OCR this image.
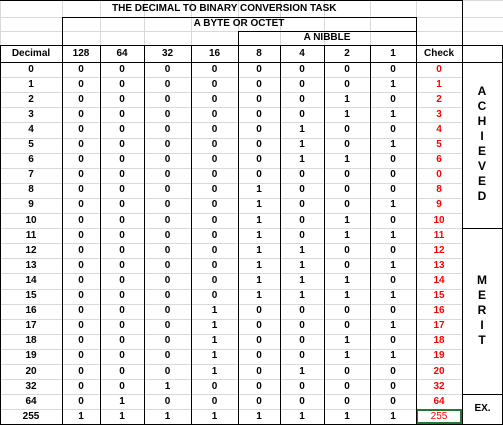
THE DECIMAL TO BINARY CONVERSION TASK
A BYTE OR OCTET
A NIBBLE
Decimal	128	64	32	16	8	4	2	1	Check
0	0	0	0	0	0	0	0	0	0
1	0	0	0	0	0	0	0	1	1
2	0	0	0	0	0	0	1	0	2
3	0	0	0	0	0	0	1	1	3
4	0	0	0	0	0	1	0	0	4
5	0	0	0	0	0	1	0	1	5
6	0	0	0	0	0	1	1	0	6
7	0	0	0	0	0	0	0	0	0
8	0	0	0	0	1	0	0	0	8
9	0	0	0	0	1	0	0	1	9
10	0	0	0	0	1	0	1	0	10
11	0	0	0	0	1	0	1	1	11
12	0	0	0	0	1	1	0	0	12
13	0	0	0	0	1	1	0	1	13
14	0	0	0	0	1	1	1	0	14
15	0	0	0	0	1	1	1	1	15
16	0	0	0	1	0	0	0	0	16
17	0	0	0	1	0	0	0	1	17
18	0	0	0	1	0	0	1	0	18
19	0	0	0	1	0	0	1	1	19
20	0	0	0	1	0	1	0	0	20
32	0	0	1	0	0	0	0	0	32
64	0	1	0	0	0	0	0	0	64
255	1	1	1	1	1	1	1	1	255
A
C
H
I
E
V
E
D
M
E
R
I
T
EX.
